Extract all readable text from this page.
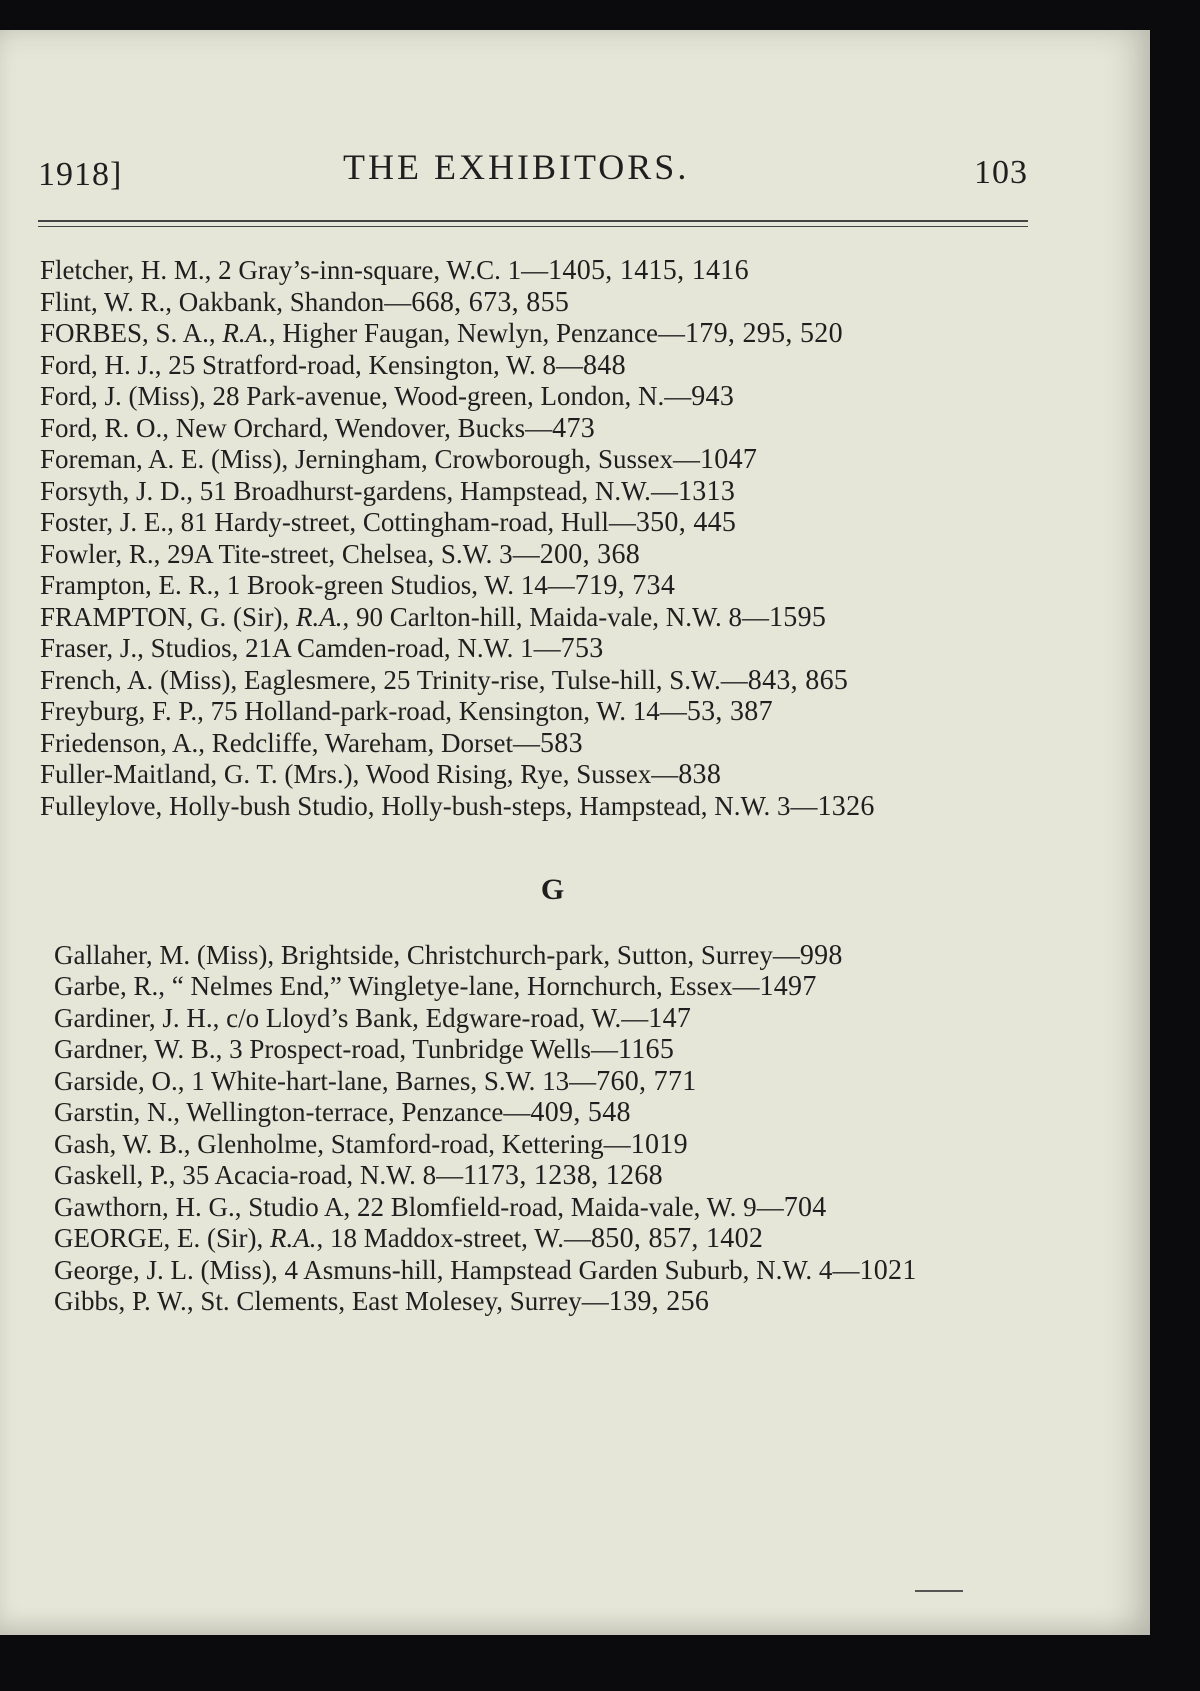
1918]	THE EXHIBITORS.	103

Fletcher, H. M., 2 Gray’s-inn-square, W.C. 1—1405, 1415, 1416

Flint, W. R., Oakbank, Shandon—668, 673, 855

FORBES, S. A., R.A., Higher Faugan, Newlyn, Penzance—179, 295, 520

Ford, H. J., 25 Stratford-road, Kensington, W. 8—848

Ford, J. (Miss), 28 Park-avenue, Wood-green, London, N.—943

Ford, R. O., New Orchard, Wendover, Bucks—473

Foreman, A. E. (Miss), Jerningham, Crowborough, Sussex—1047

Forsyth, J. D., 51 Broadhurst-gardens, Hampstead, N.W.—1313

Foster, J. E., 81 Hardy-street, Cottingham-road, Hull—350, 445

Fowler, R., 29A Tite-street, Chelsea, S.W. 3—200, 368

Frampton, E. R., 1 Brook-green Studios, W. 14—719, 734

FRAMPTON, G. (Sir), R.A., 90 Carlton-hill, Maida-vale, N.W. 8—1595

Fraser, J., Studios, 21A Camden-road, N.W. 1—753

French, A. (Miss), Eaglesmere, 25 Trinity-rise, Tulse-hill, S.W.—843, 865

Freyburg, F. P., 75 Holland-park-road, Kensington, W. 14—53, 387

Friedenson, A., Redcliffe, Wareham, Dorset—583

Fuller-Maitland, G. T. (Mrs.), Wood Rising, Rye, Sussex—838

Fulleylove, Holly-bush Studio, Holly-bush-steps, Hampstead, N.W. 3—1326

G

Gallaher, M. (Miss), Brightside, Christchurch-park, Sutton, Surrey—998

Garbe, R., “ Nelmes End,” Wingletye-lane, Hornchurch, Essex—1497

Gardiner, J. H., c/o Lloyd’s Bank, Edgware-road, W.—147

Gardner, W. B., 3 Prospect-road, Tunbridge Wells—1165

Garside, O., 1 White-hart-lane, Barnes, S.W. 13—760, 771

Garstin, N., Wellington-terrace, Penzance—409, 548

Gash, W. B., Glenholme, Stamford-road, Kettering—1019

Gaskell, P., 35 Acacia-road, N.W. 8—1173, 1238, 1268

Gawthorn, H. G., Studio A, 22 Blomfield-road, Maida-vale, W. 9—704

GEORGE, E. (Sir), R.A., 18 Maddox-street, W.—850, 857, 1402

George, J. L. (Miss), 4 Asmuns-hill, Hampstead Garden Suburb, N.W. 4—1021

Gibbs, P. W., St. Clements, East Molesey, Surrey—139, 256
